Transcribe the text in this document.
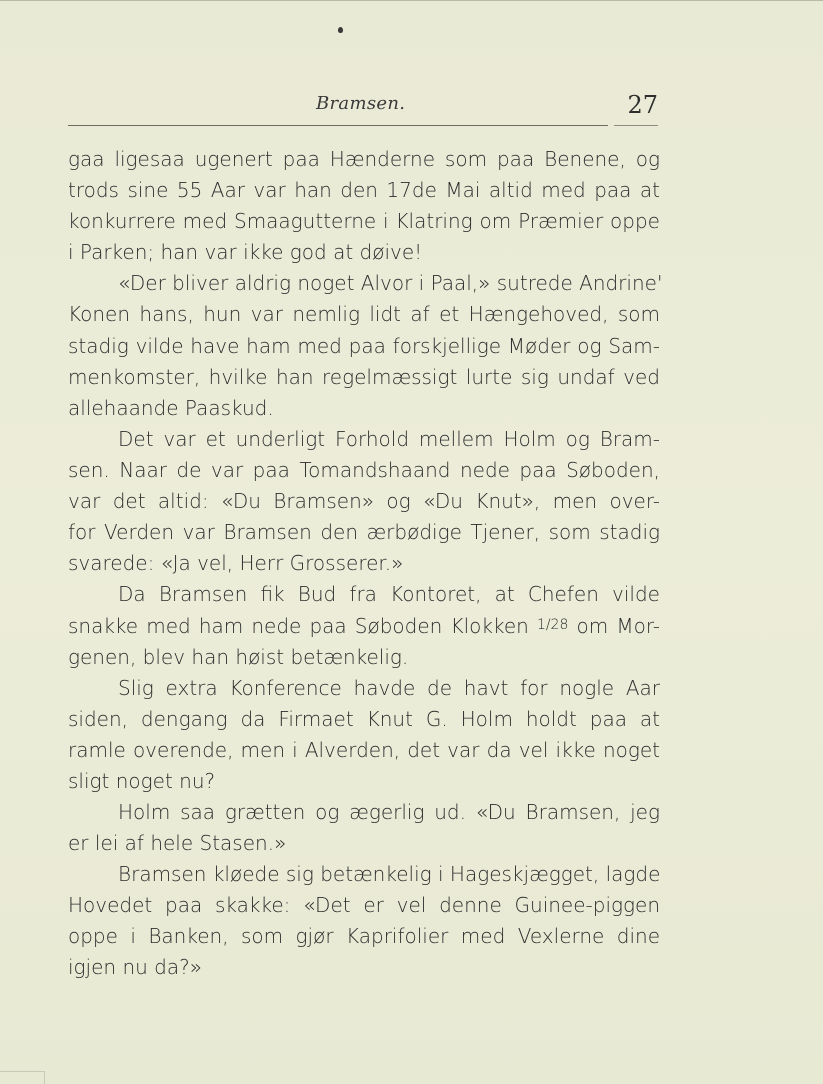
Bramsen.	27
gaa ligesaa ugenert paa Hænderne som paa Benene, og
trods sine 55 Aar var han den 17de Mai altid med paa at
konkurrere med Smaagutterne i Klatring om Præmier oppe
i Parken; han var ikke god at døive!
«Der bliver aldrig noget Alvor i Paal,» sutrede Andrine'
Konen hans, hun var nemlig lidt af et Hængehoved, som
stadig vilde have ham med paa forskjellige Møder og Sam-
menkomster, hvilke han regelmæssigt lurte sig undaf ved
allehaande Paaskud.
Det var et underligt Forhold mellem Holm og Bram-
sen. Naar de var paa Tomandshaand nede paa Søboden,
var det altid: «Du Bramsen» og «Du Knut», men over-
for Verden var Bramsen den ærbødige Tjener, som stadig
svarede: «Ja vel, Herr Grosserer.»
Da Bramsen fik Bud fra Kontoret, at Chefen vilde
snakke med ham nede paa Søboden Klokken $^{1/28}$ om Mor-
genen, blev han høist betænkelig.
Slig extra Konference havde de havt for nogle Aar
siden, dengang da Firmaet Knut G. Holm holdt paa at
ramle overende, men i Alverden, det var da vel ikke noget
sligt noget nu?
Holm saa grætten og ægerlig ud. «Du Bramsen, jeg
er lei af hele Stasen.»
Bramsen kløede sig betænkelig i Hageskjægget, lagde
Hovedet paa skakke: «Det er vel denne Guinee-piggen
oppe i Banken, som gjør Kaprifolier med Vexlerne dine
igjen nu da?»
